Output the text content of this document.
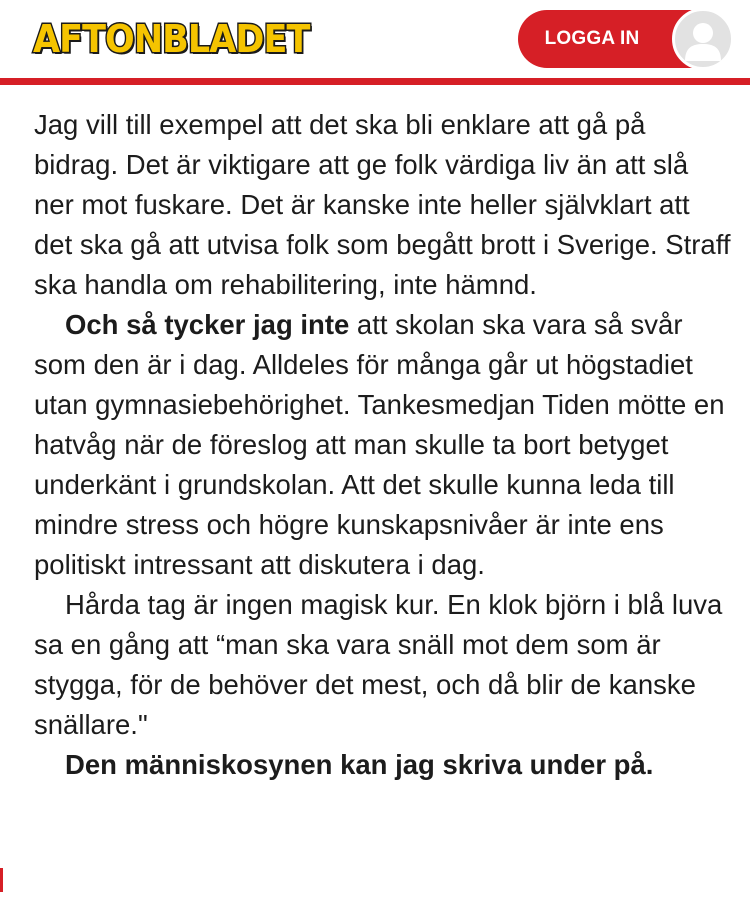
AFTONBLADET	LOGGA IN

Jag vill till exempel att det ska bli enklare att gå på bidrag. Det är viktigare att ge folk värdiga liv än att slå ner mot fuskare. Det är kanske inte heller självklart att det ska gå att utvisa folk som begått brott i Sverige. Straff ska handla om rehabilitering, inte hämnd.

Och så tycker jag inte att skolan ska vara så svår som den är i dag. Alldeles för många går ut högstadiet utan gymnasiebehörighet. Tankesmedjan Tiden mötte en hatvåg när de föreslog att man skulle ta bort betyget underkänt i grundskolan. Att det skulle kunna leda till mindre stress och högre kunskapsnivåer är inte ens politiskt intressant att diskutera i dag.

Hårda tag är ingen magisk kur. En klok björn i blå luva sa en gång att “man ska vara snäll mot dem som är stygga, för de behöver det mest, och då blir de kanske snällare."

Den människosynen kan jag skriva under på.
